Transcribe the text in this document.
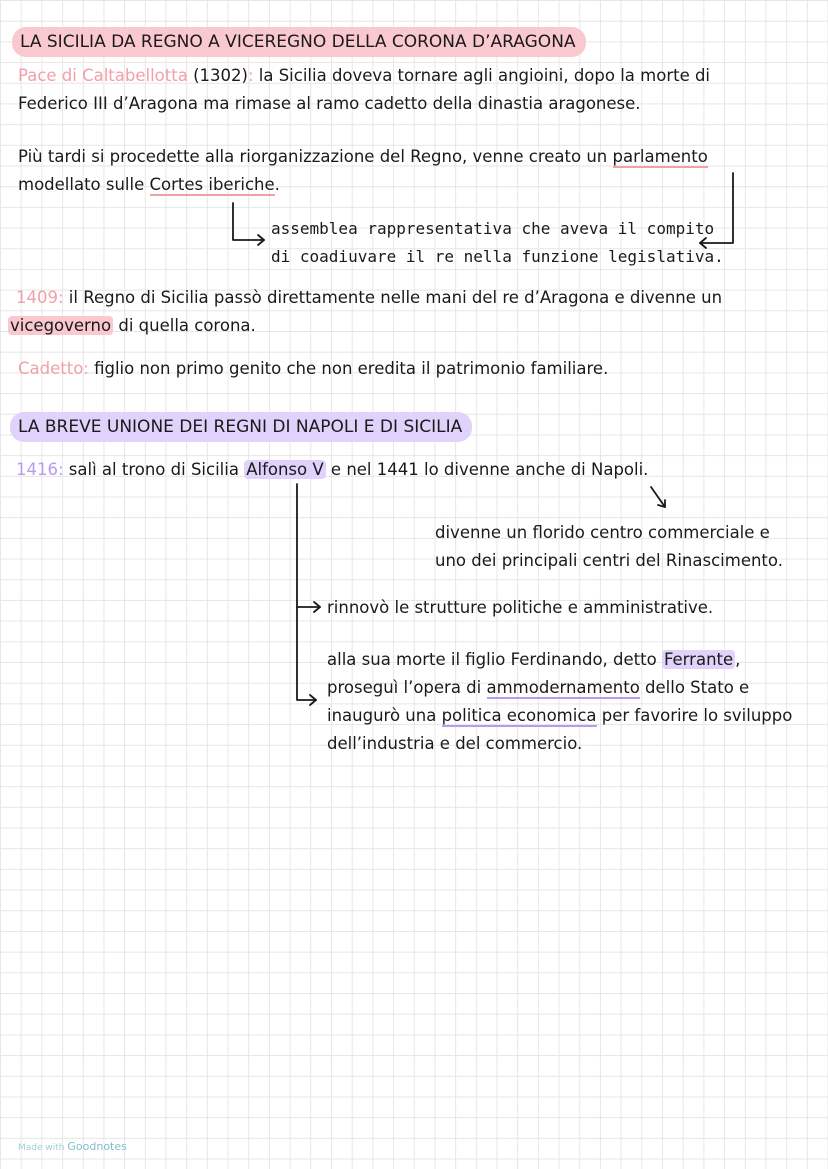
LA SICILIA DA REGNO A VICEREGNO DELLA CORONA D’ARAGONA
Pace di Caltabellotta (1302): la Sicilia doveva tornare agli angioini, dopo la morte di
Federico III d’Aragona ma rimase al ramo cadetto della dinastia aragonese.
Più tardi si procedette alla riorganizzazione del Regno, venne creato un parlamento
modellato sulle Cortes iberiche.
assemblea rappresentativa che aveva il compito
di coadiuvare il re nella funzione legislativa.
1409: il Regno di Sicilia passò direttamente nelle mani del re d’Aragona e divenne un
vicegoverno di quella corona.
Cadetto: figlio non primo genito che non eredita il patrimonio familiare.
LA BREVE UNIONE DEI REGNI DI NAPOLI E DI SICILIA
1416: salì al trono di Sicilia Alfonso V e nel 1441 lo divenne anche di Napoli.
divenne un florido centro commerciale e
uno dei principali centri del Rinascimento.
rinnovò le strutture politiche e amministrative.
alla sua morte il figlio Ferdinando, detto Ferrante ,
proseguì l’opera di ammodernamento dello Stato e
inaugurò una politica economica per favorire lo sviluppo
dell’industria e del commercio.
Made with Goodnotes
